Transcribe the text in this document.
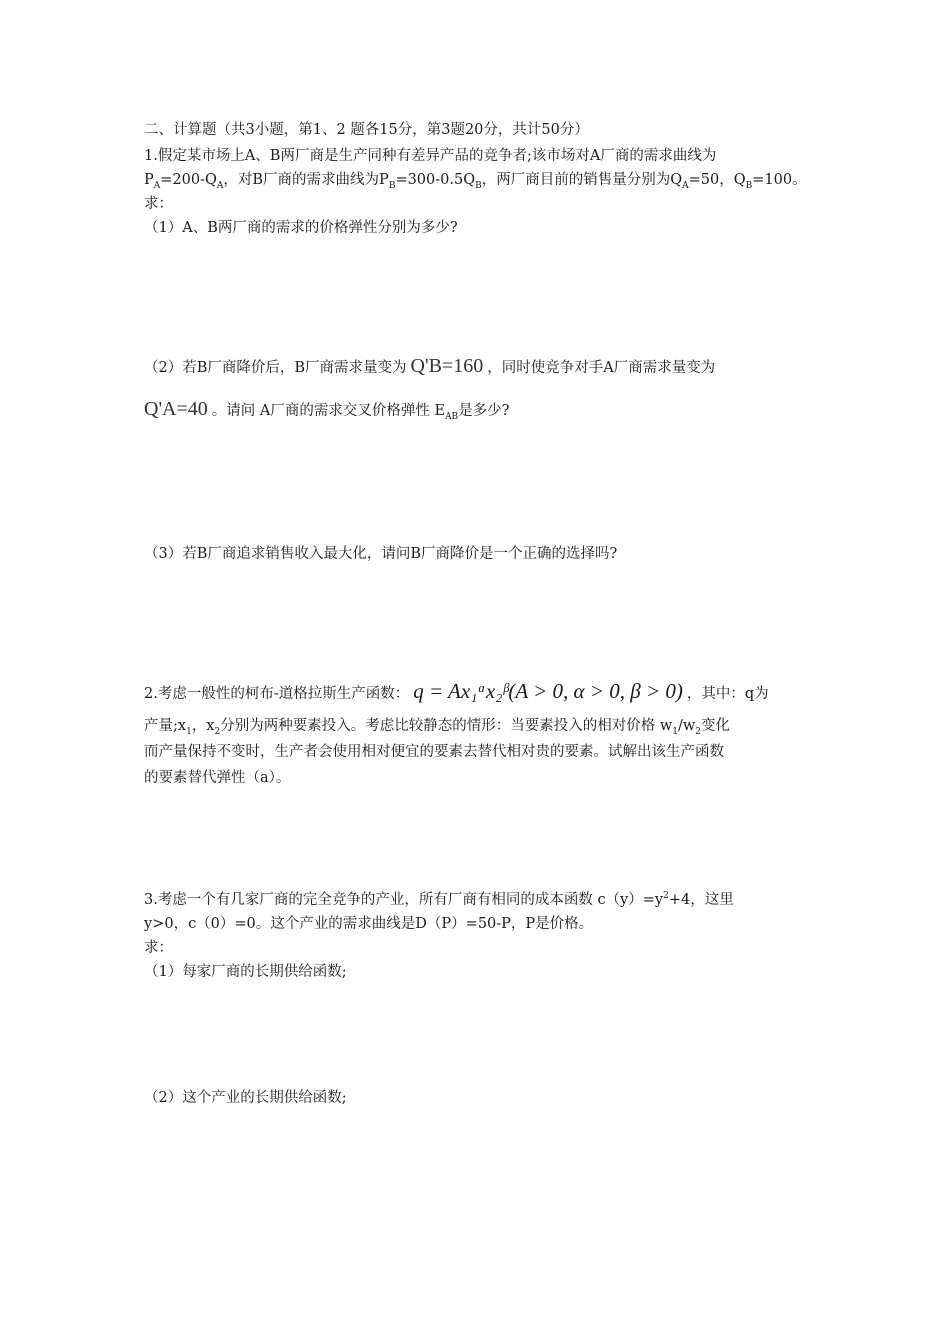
二、计算题（共3小题，第1、2 题各15分，第3题20分，共计50分）
1.假定某市场上A、B两厂商是生产同种有差异产品的竞争者;该市场对A厂商的需求曲线为
$P_A=200-Q_A$，对B厂商的需求曲线为$P_B=300-0.5Q_B$，两厂商目前的销售量分别为$Q_A=50$，$Q_B=100$。
求：
（1）A、B两厂商的需求的价格弹性分别为多少?
（2）若B厂商降价后，B厂商需求量变为 Q'B=160 ，同时使竞争对手A厂商需求量变为
Q'A=40 。请问 A厂商的需求交叉价格弹性 $E_{AB}$是多少?
（3）若B厂商追求销售收入最大化，请问B厂商降价是一个正确的选择吗?
2.考虑一般性的柯布-道格拉斯生产函数： q = Ax₁ᵅx₂ᵝ(A > 0, α > 0, β > 0) ，其中：q为
产量$;x_1$，$x_2$分别为两种要素投入。考虑比较静态的情形：当要素投入的相对价格 $w_1/w_2$变化
而产量保持不变时，生产者会使用相对便宜的要素去替代相对贵的要素。试解出该生产函数
的要素替代弹性（a）。
3.考虑一个有几家厂商的完全竞争的产业，所有厂商有相同的成本函数 $c(y)=y^2+4$，这里
y>0，c（0）=0。这个产业的需求曲线是D（P）=50-P，P是价格。
求：
（1）每家厂商的长期供给函数;
（2）这个产业的长期供给函数;
